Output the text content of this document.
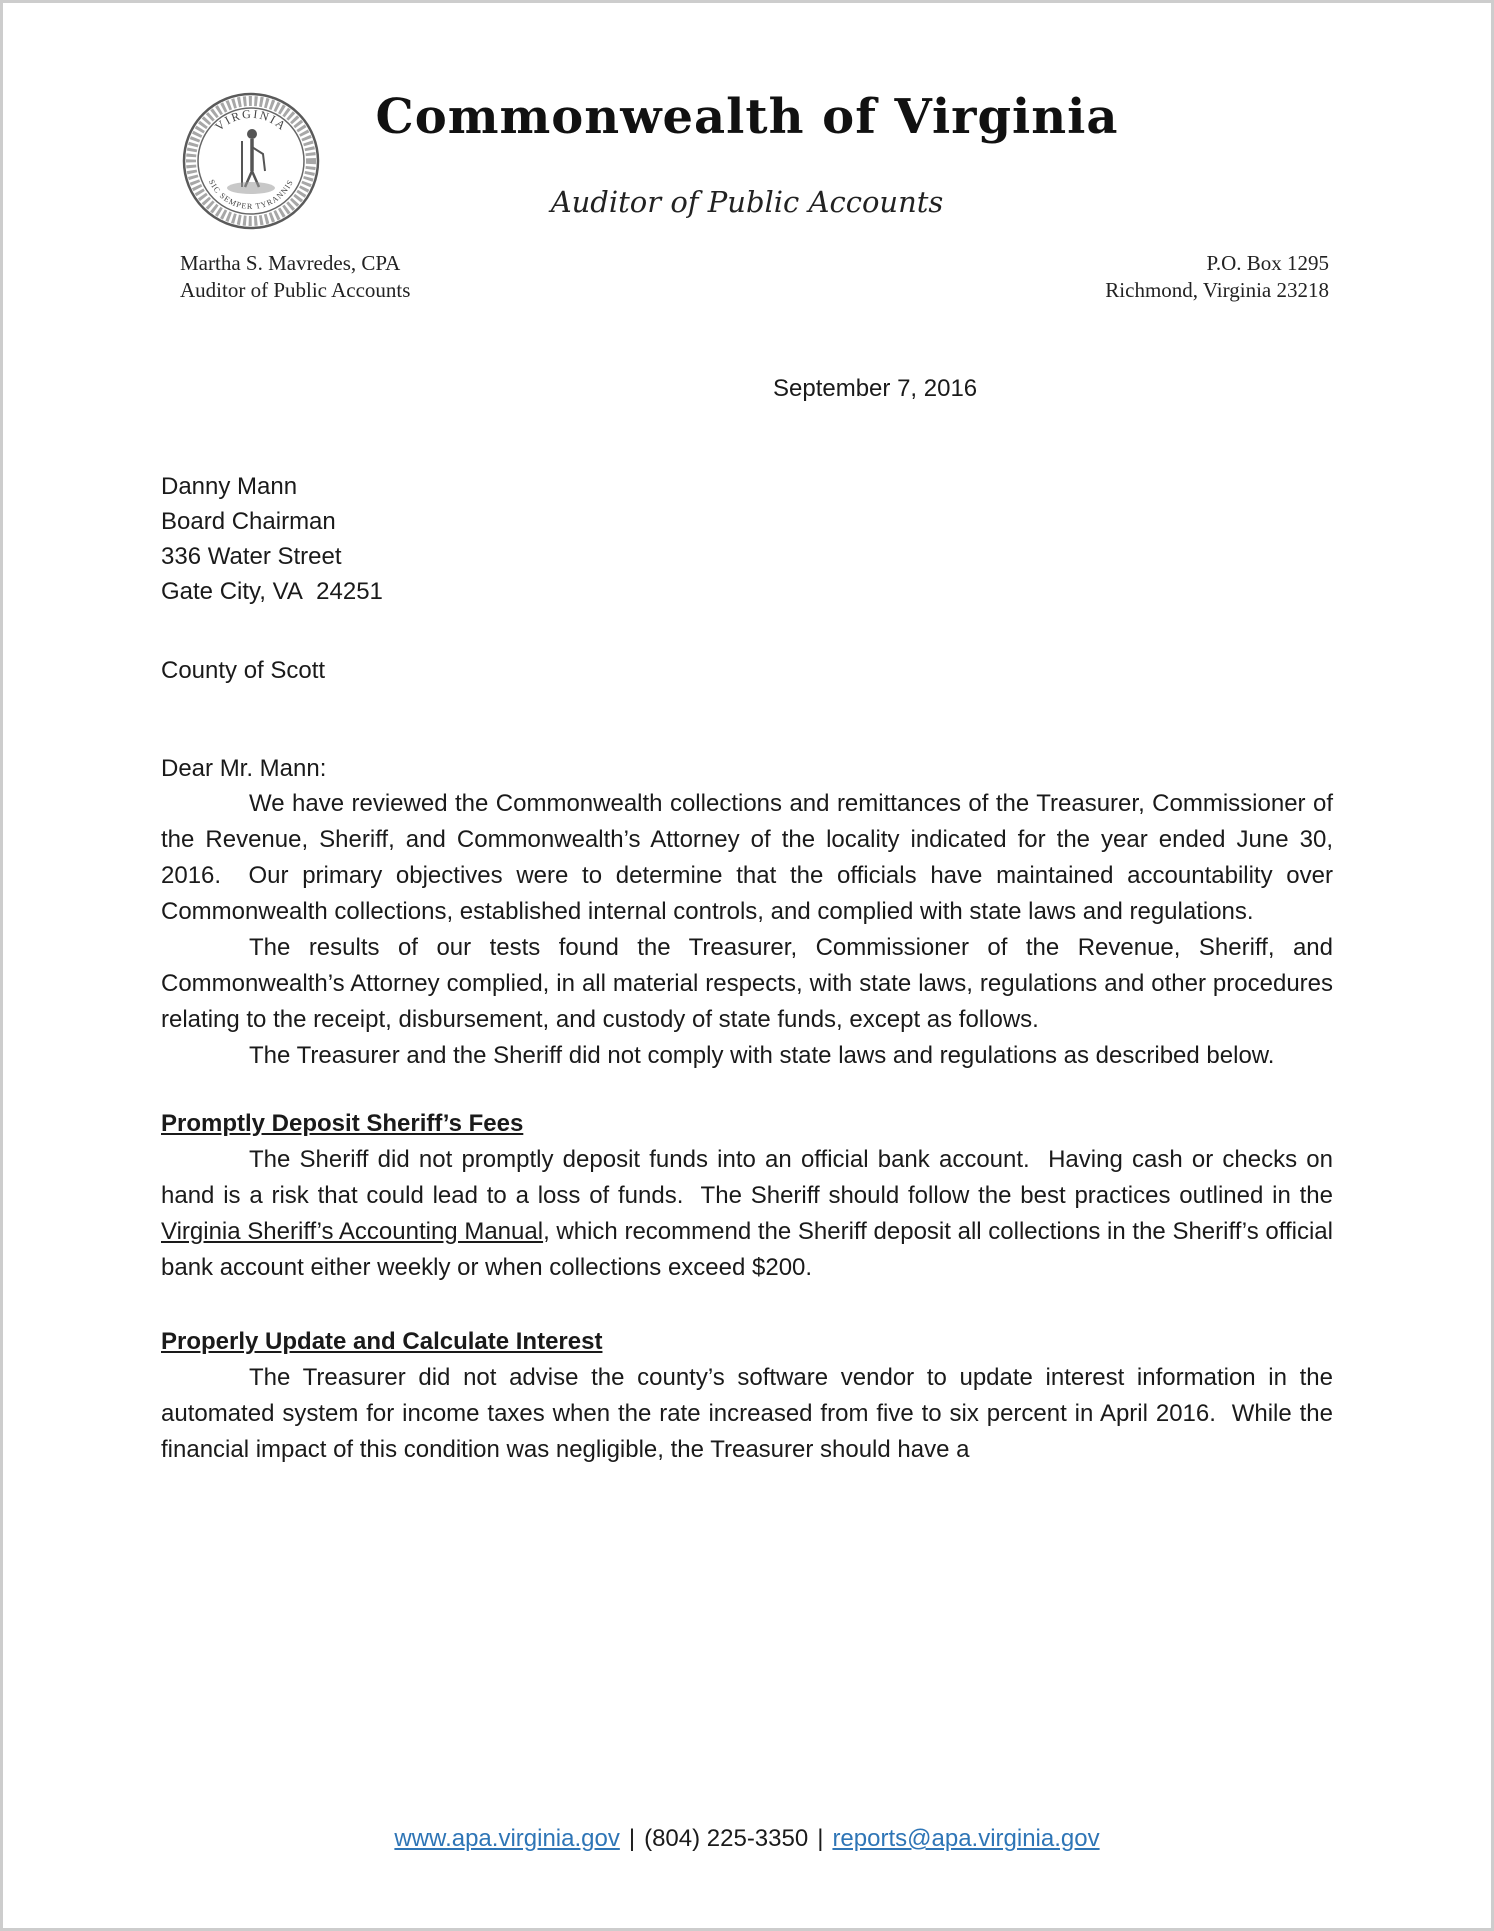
VIRGINIA
SIC SEMPER TYRANNIS
Commonwealth of Virginia
Auditor of Public Accounts
Martha S. Mavredes, CPA
Auditor of Public Accounts
P.O. Box 1295
Richmond, Virginia 23218
September 7, 2016
Danny Mann
Board Chairman
336 Water Street
Gate City, VA  24251
County of Scott
Dear Mr. Mann:

We have reviewed the Commonwealth collections and remittances of the Treasurer, Commissioner of the Revenue, Sheriff, and Commonwealth’s Attorney of the locality indicated for the year ended June 30, 2016.  Our primary objectives were to determine that the officials have maintained accountability over Commonwealth collections, established internal controls, and complied with state laws and regulations.

The results of our tests found the Treasurer, Commissioner of the Revenue, Sheriff, and Commonwealth’s Attorney complied, in all material respects, with state laws, regulations and other procedures relating to the receipt, disbursement, and custody of state funds, except as follows.

The Treasurer and the Sheriff did not comply with state laws and regulations as described below.

Promptly Deposit Sheriff’s Fees

The Sheriff did not promptly deposit funds into an official bank account.  Having cash or checks on hand is a risk that could lead to a loss of funds.  The Sheriff should follow the best practices outlined in the Virginia Sheriff’s Accounting Manual, which recommend the Sheriff deposit all collections in the Sheriff’s official bank account either weekly or when collections exceed $200.

Properly Update and Calculate Interest

The Treasurer did not advise the county’s software vendor to update interest information in the automated system for income taxes when the rate increased from five to six percent in April 2016.  While the financial impact of this condition was negligible, the Treasurer should have a

www.apa.virginia.gov | (804) 225-3350 | reports@apa.virginia.gov
